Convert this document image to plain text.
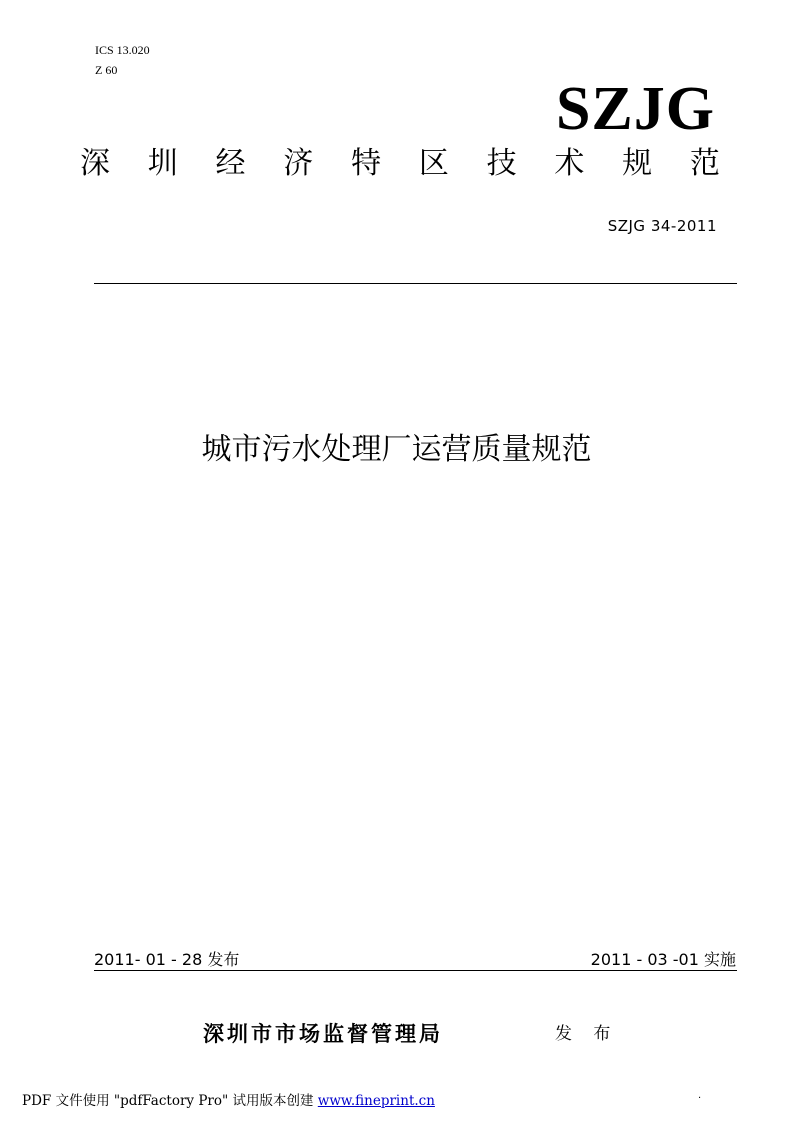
ICS 13.020
Z 60
SZJG
深 圳 经 济 特 区 技 术 规 范
SZJG 34-2011
城市污水处理厂运营质量规范
2011- 01 - 28 发布	2011 - 03 -01 实施
深圳市市场监督管理局	发 布
PDF 文件使用 "pdfFactory Pro" 试用版本创建 www.fineprint.cn	.
